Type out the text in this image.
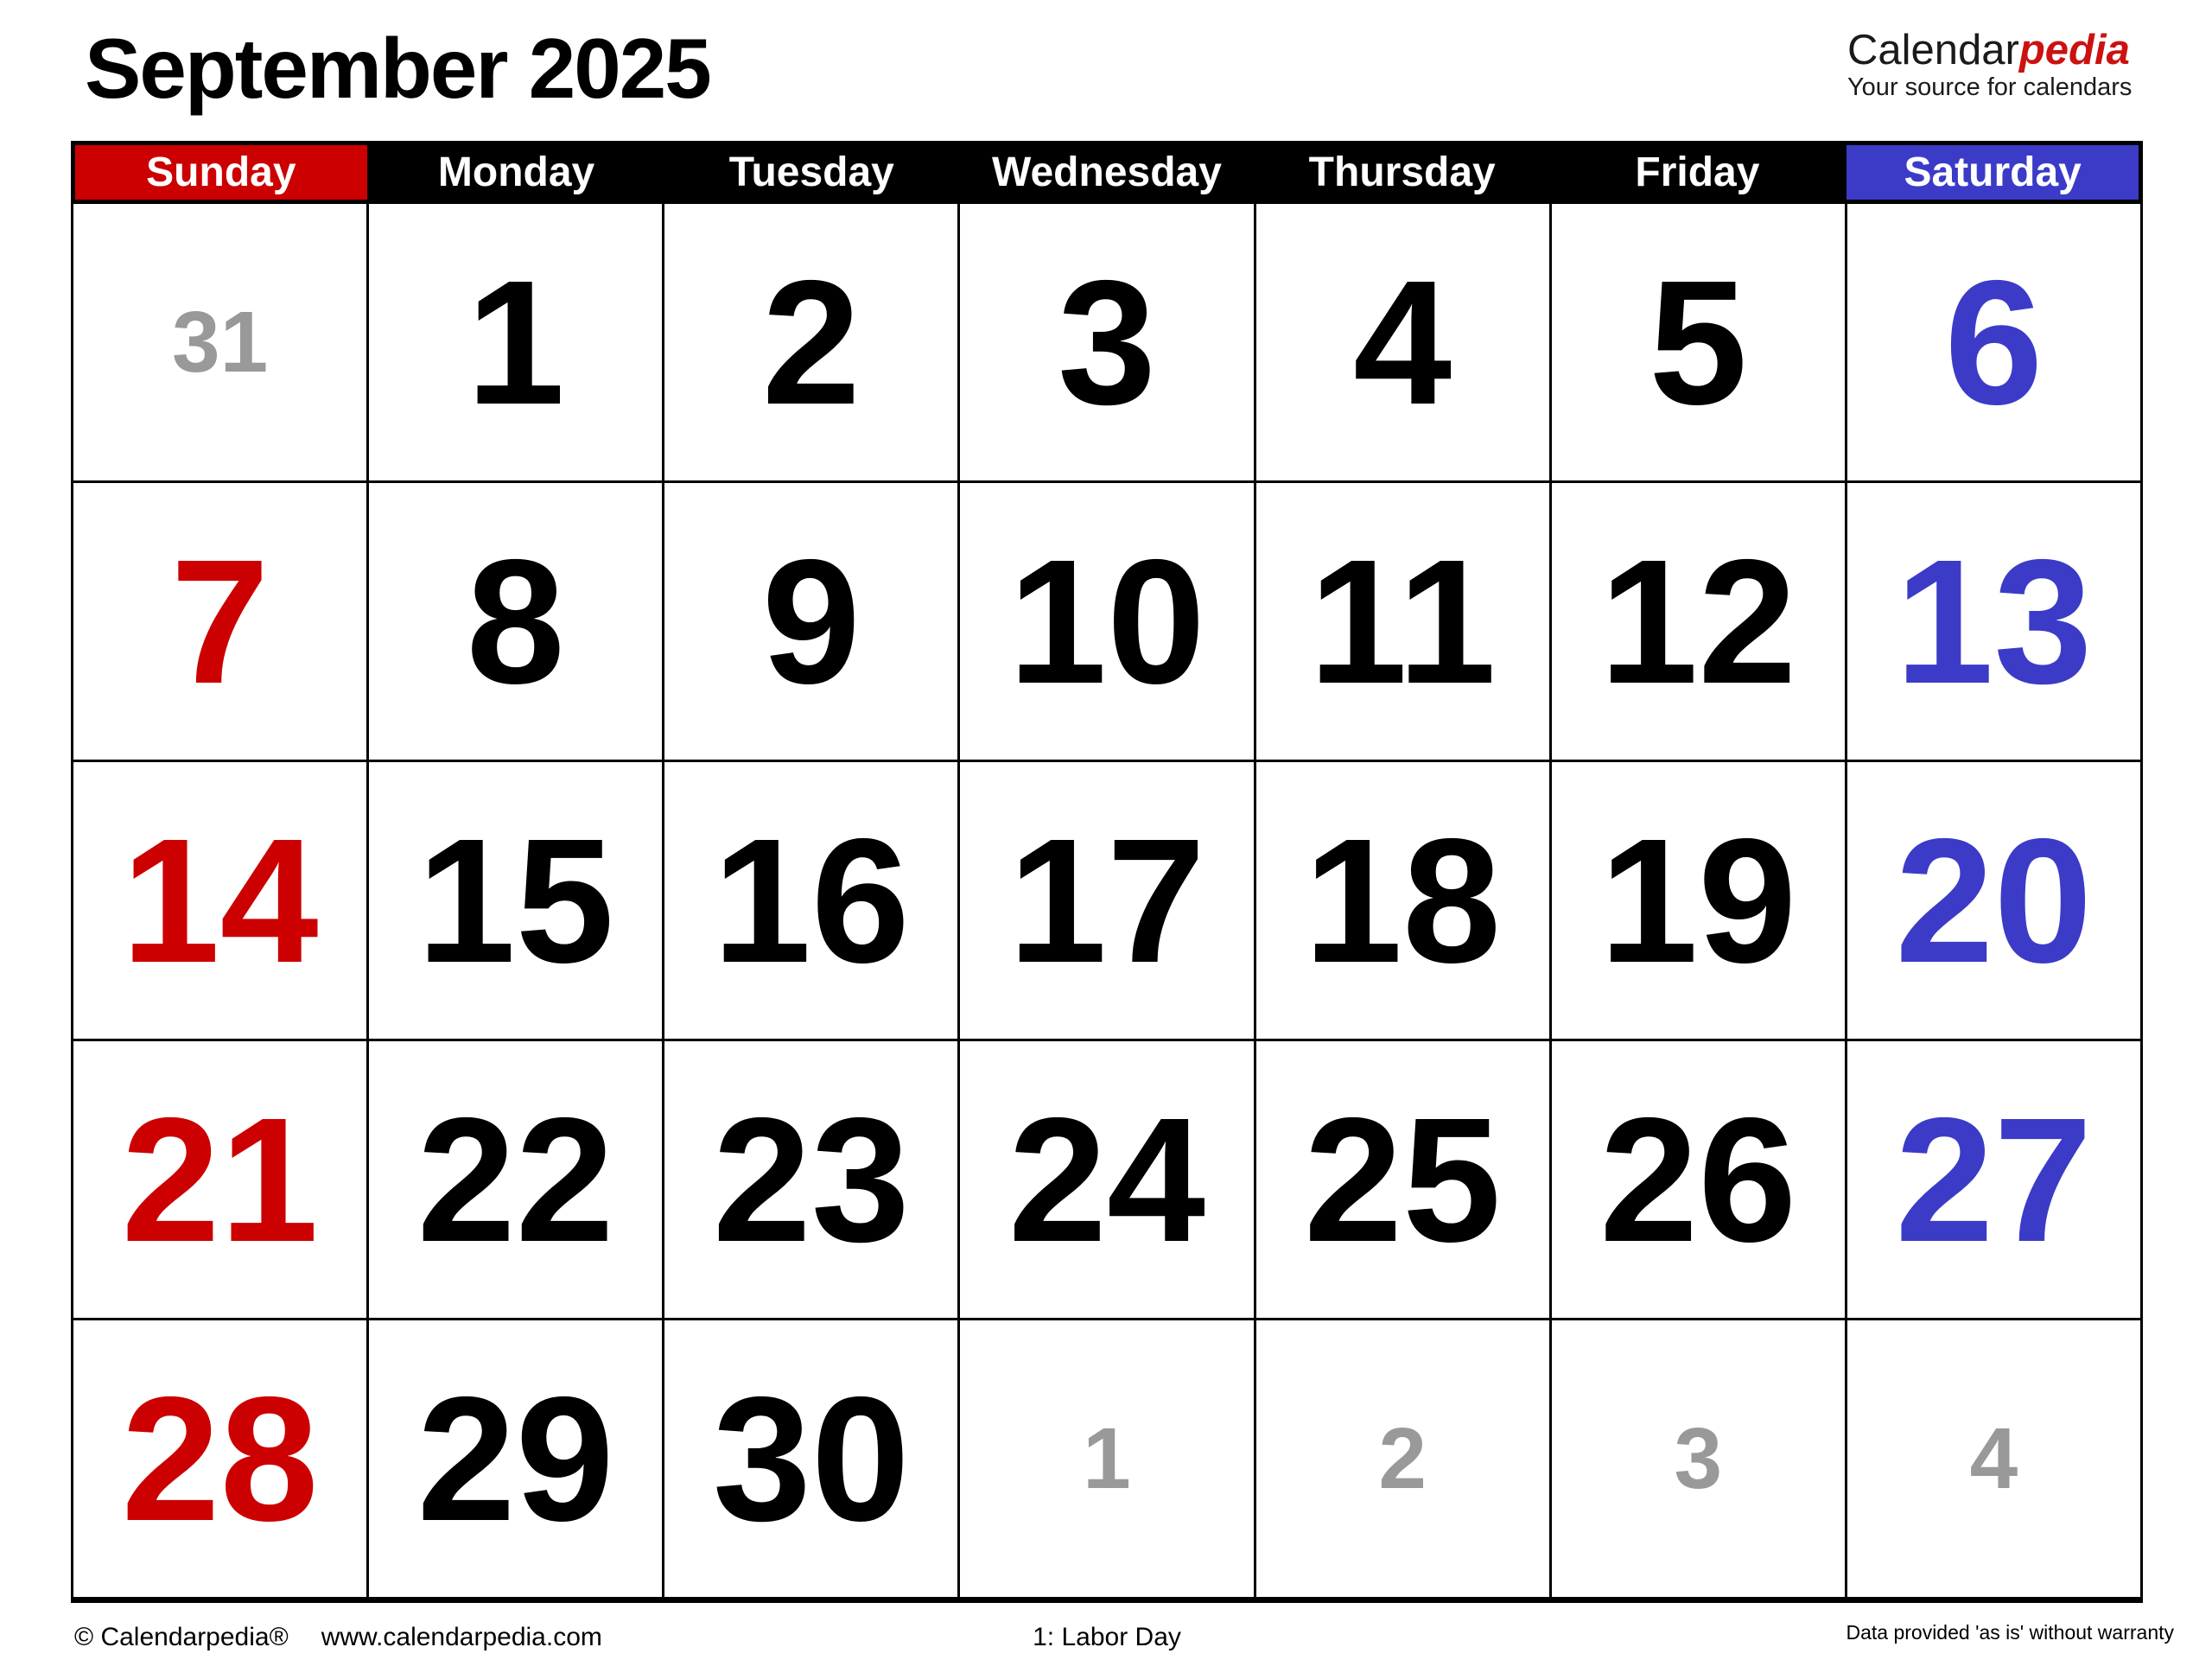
September 2025	Calendarpedia
Your source for calendars
Sunday	Monday	Tuesday	Wednesday	Thursday	Friday	Saturday
31 1 2 3 4 5 6
7 8 9 10 11 12 13
14 15 16 17 18 19 20
21 22 23 24 25 26 27
28 29 30 1	2	3	4
© Calendarpedia® www.calendarpedia.com	1: Labor Day	Data provided 'as is' without warranty
